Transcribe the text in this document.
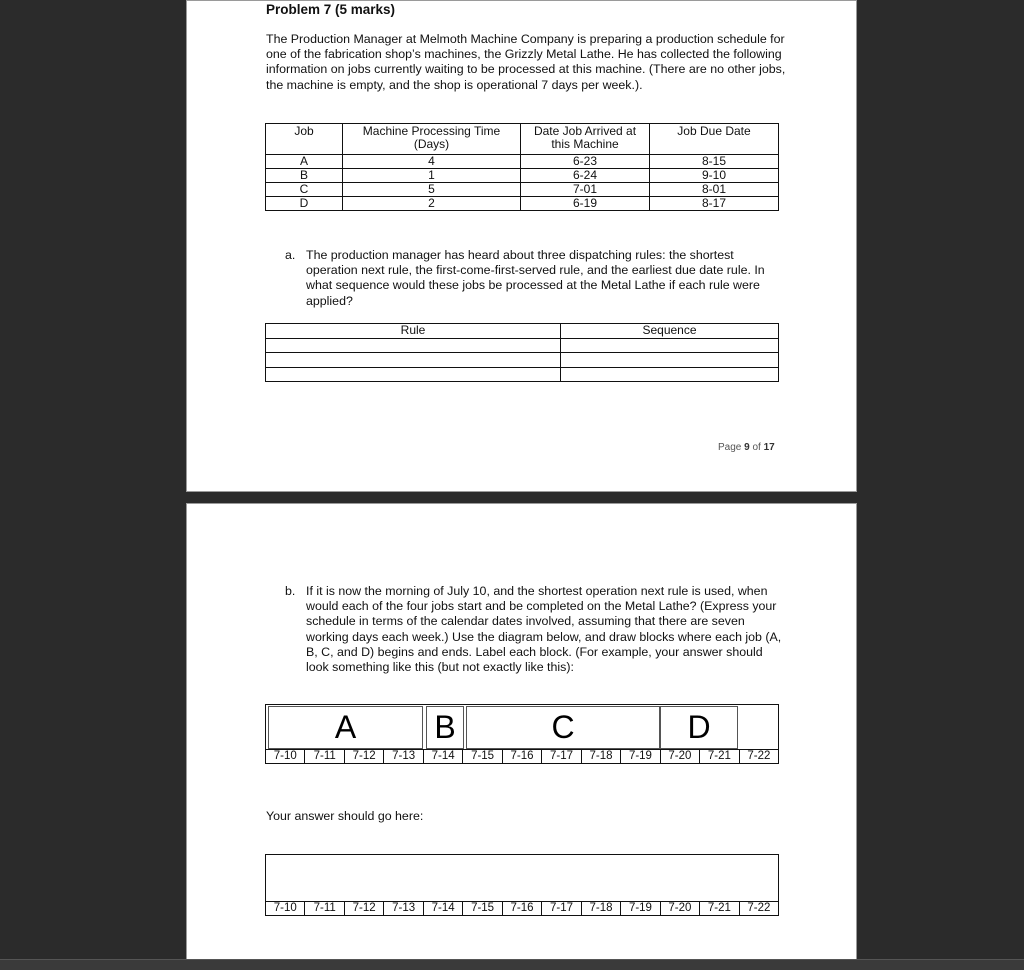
Problem 7 (5 marks)
The Production Manager at Melmoth Machine Company is preparing a production schedule for one of the fabrication shop’s machines, the Grizzly Metal Lathe. He has collected the following information on jobs currently waiting to be processed at this machine. (There are no other jobs, the machine is empty, and the shop is operational 7 days per week.).
Job	Machine Processing Time (Days)	Date Job Arrived at this Machine	Job Due Date
A	4	6-23	8-15
B	1	6-24	9-10
C	5	7-01	8-01
D	2	6-19	8-17
a. The production manager has heard about three dispatching rules: the shortest operation next rule, the first-come-first-served rule, and the earliest due date rule. In what sequence would these jobs be processed at the Metal Lathe if each rule were applied?
Rule	Sequence

Page 9 of 17
b. If it is now the morning of July 10, and the shortest operation next rule is used, when would each of the four jobs start and be completed on the Metal Lathe? (Express your schedule in terms of the calendar dates involved, assuming that there are seven working days each week.) Use the diagram below, and draw blocks where each job (A, B, C, and D) begins and ends. Label each block. (For example, your answer should look something like this (but not exactly like this):
A	B	C	D
7-10	7-11	7-12	7-13	7-14	7-15	7-16	7-17	7-18	7-19	7-20	7-21	7-22
Your answer should go here:
7-10	7-11	7-12	7-13	7-14	7-15	7-16	7-17	7-18	7-19	7-20	7-21	7-22
